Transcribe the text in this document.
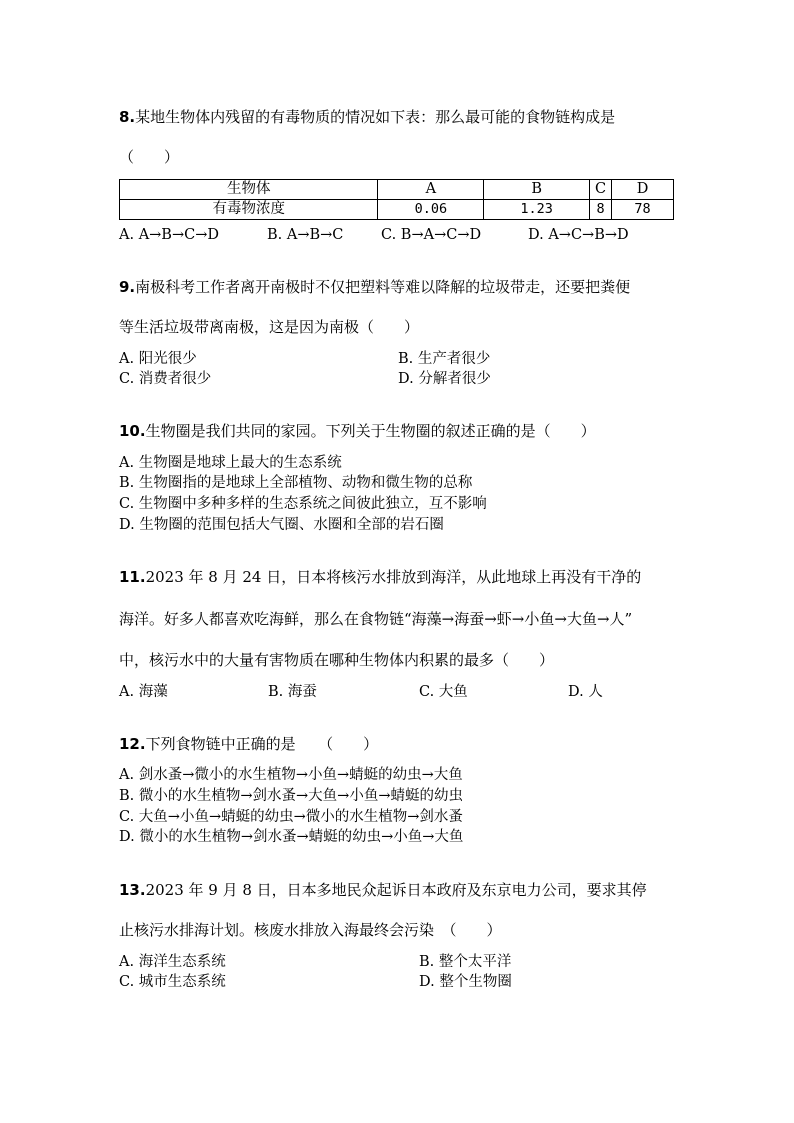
8.某地生物体内残留的有毒物质的情况如下表：那么最可能的食物链构成是
（　　）
生物体	A	B	C	D
有毒物浓度	0.06	1.23	8	78
A. A→B→C→D	B. A→B→C	C. B→A→C→D	D. A→C→B→D
9.南极科考工作者离开南极时不仅把塑料等难以降解的垃圾带走，还要把粪便
等生活垃圾带离南极，这是因为南极（　　）
A. 阳光很少	B. 生产者很少
C. 消费者很少	D. 分解者很少
10.生物圈是我们共同的家园。下列关于生物圈的叙述正确的是（　　）
A. 生物圈是地球上最大的生态系统
B. 生物圈指的是地球上全部植物、动物和微生物的总称
C. 生物圈中多种多样的生态系统之间彼此独立，互不影响
D. 生物圈的范围包括大气圈、水圈和全部的岩石圈
11.2023 年 8 月 24 日，日本将核污水排放到海洋，从此地球上再没有干净的
海洋。好多人都喜欢吃海鲜，那么在食物链“海藻→海蚕→虾→小鱼→大鱼→人”
中，核污水中的大量有害物质在哪种生物体内积累的最多（　　）
A. 海藻	B. 海蚕	C. 大鱼	D. 人
12.下列食物链中正确的是　　（　　）
A. 剑水蚤→微小的水生植物→小鱼→蜻蜓的幼虫→大鱼
B. 微小的水生植物→剑水蚤→大鱼→小鱼→蜻蜓的幼虫
C. 大鱼→小鱼→蜻蜓的幼虫→微小的水生植物→剑水蚤
D. 微小的水生植物→剑水蚤→蜻蜓的幼虫→小鱼→大鱼
13.2023 年 9 月 8 日，日本多地民众起诉日本政府及东京电力公司，要求其停
止核污水排海计划。核废水排放入海最终会污染　（　　）
A. 海洋生态系统	B. 整个太平洋
C. 城市生态系统	D. 整个生物圈
